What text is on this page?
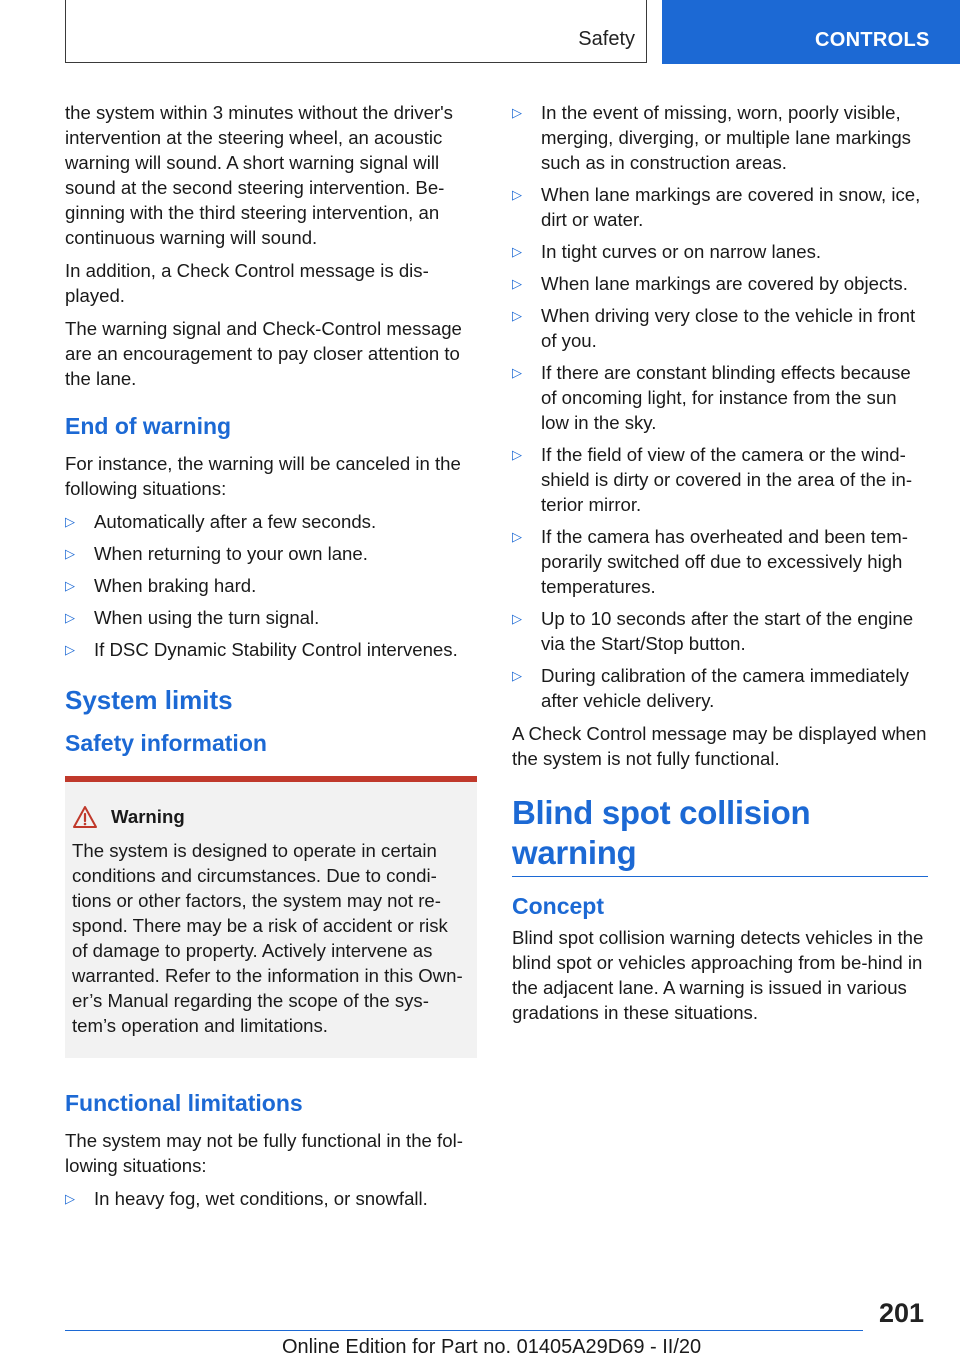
Safety	CONTROLS

the system within 3 minutes without the driver's intervention at the steering wheel, an acoustic warning will sound. A short warning signal will sound at the second steering intervention. Be-ginning with the third steering intervention, an continuous warning will sound.

In addition, a Check Control message is dis-played.

The warning signal and Check-Control message are an encouragement to pay closer attention to the lane.

End of warning

For instance, the warning will be canceled in the following situations:

▷ Automatically after a few seconds.
▷ When returning to your own lane.
▷ When braking hard.
▷ When using the turn signal.
▷ If DSC Dynamic Stability Control intervenes.
System limits
Safety information
Warning

The system is designed to operate in certain conditions and circumstances. Due to condi-tions or other factors, the system may not re-spond. There may be a risk of accident or risk of damage to property. Actively intervene as warranted. Refer to the information in this Own-er’s Manual regarding the scope of the sys-tem’s operation and limitations.

Functional limitations

The system may not be fully functional in the fol-lowing situations:

▷ In heavy fog, wet conditions, or snowfall.
▷ In the event of missing, worn, poorly visible, merging, diverging, or multiple lane markings such as in construction areas.
▷ When lane markings are covered in snow, ice, dirt or water.
▷ In tight curves or on narrow lanes.
▷ When lane markings are covered by objects.
▷ When driving very close to the vehicle in front of you.
▷ If there are constant blinding effects because of oncoming light, for instance from the sun low in the sky.
▷ If the field of view of the camera or the wind-shield is dirty or covered in the area of the in-terior mirror.
▷ If the camera has overheated and been tem-porarily switched off due to excessively high temperatures.
▷ Up to 10 seconds after the start of the engine via the Start/Stop button.
▷ During calibration of the camera immediately after vehicle delivery.

A Check Control message may be displayed when the system is not fully functional.

Blind spot collision warning
Concept

Blind spot collision warning detects vehicles in the blind spot or vehicles approaching from be-hind in the adjacent lane. A warning is issued in various gradations in these situations.

201
Online Edition for Part no. 01405A29D69 - II/20
